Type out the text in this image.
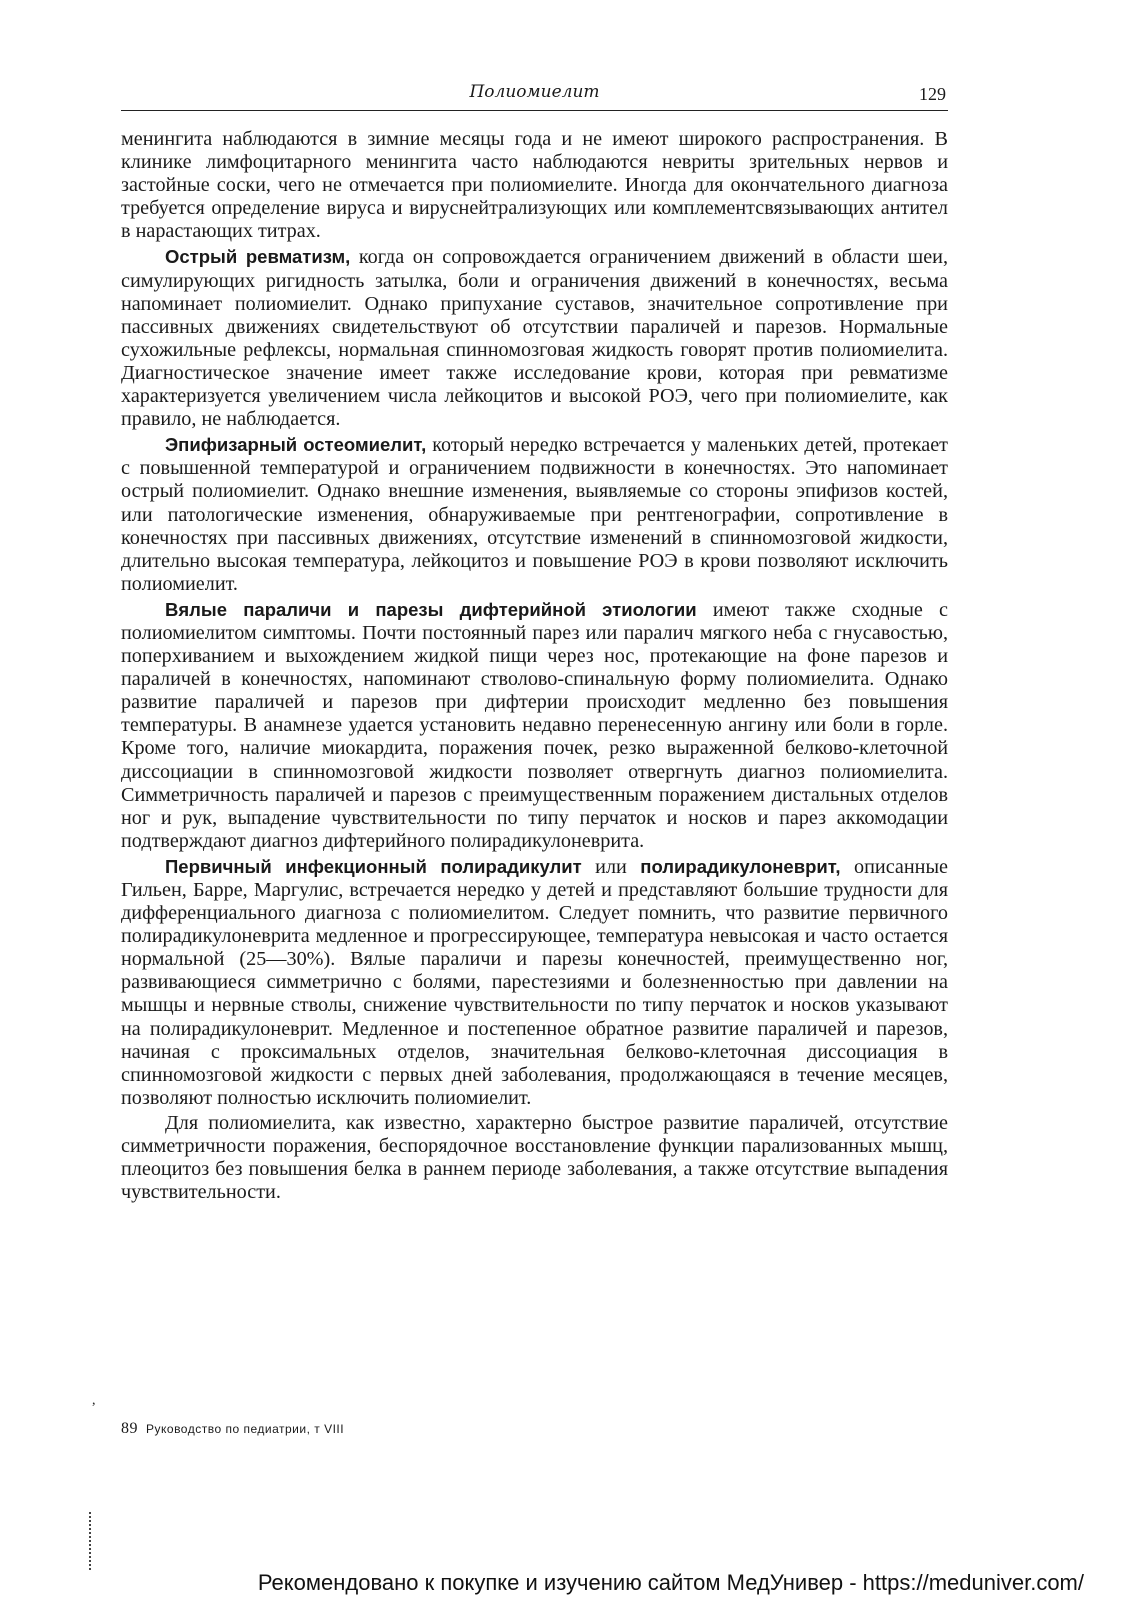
Полиомиелит	129

менингита наблюдаются в зимние месяцы года и не имеют широкого распространения. В клинике лимфоцитарного менингита часто наблюдаются невриты зрительных нервов и застойные соски, чего не отмечается при полиомиелите. Иногда для окончательного диагноза требуется определение вируса и вируснейтрализующих или комплементсвязывающих антител в нарастающих титрах.

Острый ревматизм, когда он сопровождается ограничением движений в области шеи, симулирующих ригидность затылка, боли и ограничения движений в конечностях, весьма напоминает полиомиелит. Однако припухание суставов, значительное сопротивление при пассивных движениях свидетельствуют об отсутствии параличей и парезов. Нормальные сухожильные рефлексы, нормальная спинномозговая жидкость говорят против полиомиелита. Диагностическое значение имеет также исследование крови, которая при ревматизме характеризуется увеличением числа лейкоцитов и высокой РОЭ, чего при полиомиелите, как правило, не наблюдается.

Эпифизарный остеомиелит, который нередко встречается у маленьких детей, протекает с повышенной температурой и ограничением подвижности в конечностях. Это напоминает острый полиомиелит. Однако внешние изменения, выявляемые со стороны эпифизов костей, или патологические изменения, обнаруживаемые при рентгенографии, сопротивление в конечностях при пассивных движениях, отсутствие изменений в спинномозговой жидкости, длительно высокая температура, лейкоцитоз и повышение РОЭ в крови позволяют исключить полиомиелит.

Вялые параличи и парезы дифтерийной этиологии имеют также сходные с полиомиелитом симптомы. Почти постоянный парез или паралич мягкого неба с гнусавостью, поперхиванием и выхождением жидкой пищи через нос, протекающие на фоне парезов и параличей в конечностях, напоминают стволово-спинальную форму полиомиелита. Однако развитие параличей и парезов при дифтерии происходит медленно без повышения температуры. В анамнезе удается установить недавно перенесенную ангину или боли в горле. Кроме того, наличие миокардита, поражения почек, резко выраженной белково-клеточной диссоциации в спинномозговой жидкости позволяет отвергнуть диагноз полиомиелита. Симметричность параличей и парезов с преимущественным поражением дистальных отделов ног и рук, выпадение чувствительности по типу перчаток и носков и парез аккомодации подтверждают диагноз дифтерийного полирадикулоневрита.

Первичный инфекционный полирадикулит или полирадикулоневрит, описанные Гильен, Барре, Маргулис, встречается нередко у детей и представляют большие трудности для дифференциального диагноза с полиомиелитом. Следует помнить, что развитие первичного полирадикулоневрита медленное и прогрессирующее, температура невысокая и часто остается нормальной (25—30%). Вялые параличи и парезы конечностей, преимущественно ног, развивающиеся симметрично с болями, парестезиями и болезненностью при давлении на мышцы и нервные стволы, снижение чувствительности по типу перчаток и носков указывают на полирадикулоневрит. Медленное и постепенное обратное развитие параличей и парезов, начиная с проксимальных отделов, значительная белково-клеточная диссоциация в спинномозговой жидкости с первых дней заболевания, продолжающаяся в течение месяцев, позволяют полностью исключить полиомиелит.

Для полиомиелита, как известно, характерно быстрое развитие параличей, отсутствие симметричности поражения, беспорядочное восстановление функции парализованных мышц, плеоцитоз без повышения белка в раннем периоде заболевания, а также отсутствие выпадения чувствительности.

,
89 Руководство по педиатрии, т VIII
Рекомендовано к покупке и изучению сайтом МедУнивер - https://meduniver.com/
